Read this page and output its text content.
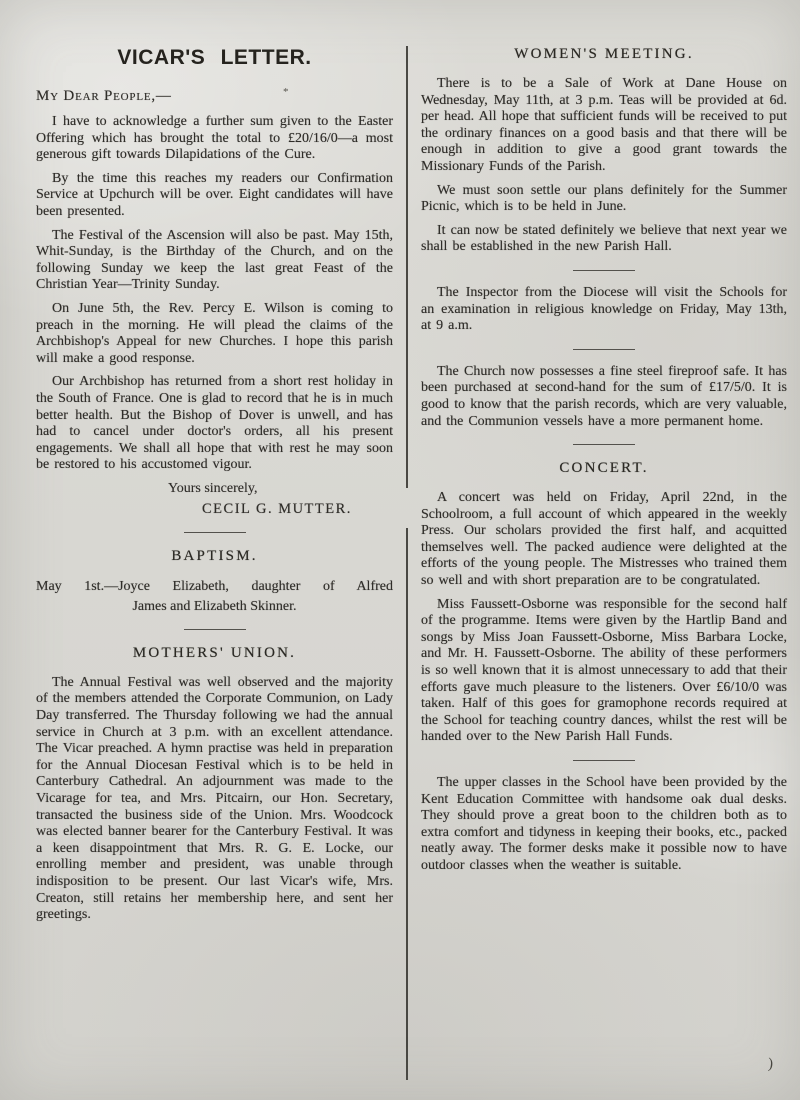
VICAR'S LETTER.
My Dear People,—

I have to acknowledge a further sum given to the Easter Offering which has brought the total to £20/16/0—a most generous gift towards Dilapidations of the Cure.

By the time this reaches my readers our Confirmation Service at Upchurch will be over. Eight candidates will have been presented.

The Festival of the Ascension will also be past. May 15th, Whit-Sunday, is the Birthday of the Church, and on the following Sunday we keep the last great Feast of the Christian Year—Trinity Sunday.

On June 5th, the Rev. Percy E. Wilson is coming to preach in the morning. He will plead the claims of the Archbishop's Appeal for new Churches. I hope this parish will make a good response.

Our Archbishop has returned from a short rest holiday in the South of France. One is glad to record that he is in much better health. But the Bishop of Dover is unwell, and has had to cancel under doctor's orders, all his present engagements. We shall all hope that with rest he may soon be restored to his accustomed vigour.

Yours sincerely,
CECIL G. MUTTER.
BAPTISM.
May 1st.—Joyce Elizabeth, daughter of Alfred
James and Elizabeth Skinner.
MOTHERS' UNION.

The Annual Festival was well observed and the majority of the members attended the Corporate Communion, on Lady Day transferred. The Thursday following we had the annual service in Church at 3 p.m. with an excellent attendance. The Vicar preached. A hymn practise was held in preparation for the Annual Diocesan Festival which is to be held in Canterbury Cathedral. An adjournment was made to the Vicarage for tea, and Mrs. Pitcairn, our Hon. Secretary, transacted the business side of the Union. Mrs. Woodcock was elected banner bearer for the Canterbury Festival. It was a keen disappointment that Mrs. R. G. E. Locke, our enrolling member and president, was unable through indisposition to be present. Our last Vicar's wife, Mrs. Creaton, still retains her membership here, and sent her greetings.

WOMEN'S MEETING.

There is to be a Sale of Work at Dane House on Wednesday, May 11th, at 3 p.m. Teas will be provided at 6d. per head. All hope that sufficient funds will be received to put the ordinary finances on a good basis and that there will be enough in addition to give a good grant towards the Missionary Funds of the Parish.

We must soon settle our plans definitely for the Summer Picnic, which is to be held in June.

It can now be stated definitely we believe that next year we shall be established in the new Parish Hall.

The Inspector from the Diocese will visit the Schools for an examination in religious knowledge on Friday, May 13th, at 9 a.m.

The Church now possesses a fine steel fireproof safe. It has been purchased at second-hand for the sum of £17/5/0. It is good to know that the parish records, which are very valuable, and the Communion vessels have a more permanent home.

CONCERT.

A concert was held on Friday, April 22nd, in the Schoolroom, a full account of which appeared in the weekly Press. Our scholars provided the first half, and acquitted themselves well. The packed audience were delighted at the efforts of the young people. The Mistresses who trained them so well and with short preparation are to be congratulated.

Miss Faussett-Osborne was responsible for the second half of the programme. Items were given by the Hartlip Band and songs by Miss Joan Faussett-Osborne, Miss Barbara Locke, and Mr. H. Faussett-Osborne. The ability of these performers is so well known that it is almost unnecessary to add that their efforts gave much pleasure to the listeners. Over £6/10/0 was taken. Half of this goes for gramophone records required at the School for teaching country dances, whilst the rest will be handed over to the New Parish Hall Funds.

The upper classes in the School have been provided by the Kent Education Committee with handsome oak dual desks. They should prove a great boon to the children both as to extra comfort and tidyness in keeping their books, etc., packed neatly away. The former desks make it possible now to have outdoor classes when the weather is suitable.

*
)
